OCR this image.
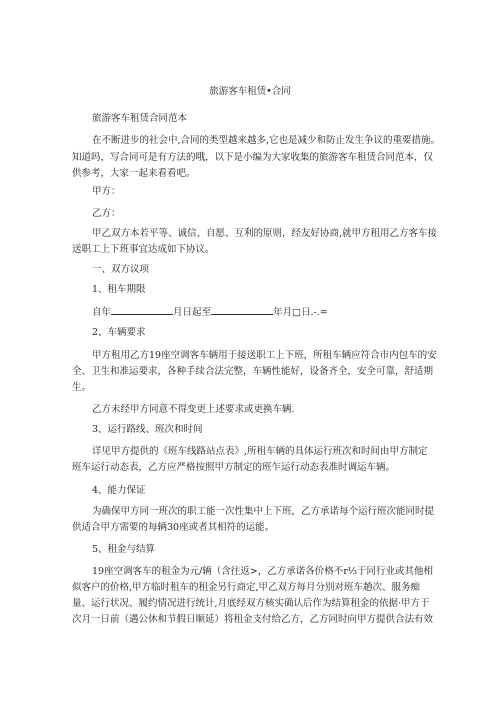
旅游客车租赁•合同
旅游客车租赁合同范本
在不断进步的社会中,合同的类型越来越多,它也是减少和防止发生争议的重要措施。
知道吗，写合同可是有方法的哦，以下是小编为大家收集的旅游客车租赁合同范本，仅
供参考，大家一起来看看吧。
甲方：
乙方：
甲乙双方本若平等、诚信、自愿、互利的原则，经友好协商,就甲方租用乙方客车接
送职工上下班事宜达成如下协议。
一、双方议项
1、租车期限
自年	月日起至	年月□日.-.=
2、车辆要求
甲方租用乙方19座空调客车辆用于接送职工上下班，所租车辆应符合市内包车的安
全、卫生和准运要求，各种手续合法完整，车辆性能好，设备齐全，安全可靠，舒适期
生。
乙方未经甲方同意不得变更上述要求或更换车辆.
3、运行路线、班次和时间
详见甲方提供的《班车线路站点表》,所租车辆的具体运行班次和时间由甲方制定
班车运行动态表，乙方应严格按照甲方制定的班乍运行动态表准时调运车辆。
4、能力保证
为确保甲方同一班次的职工能一次性集中上下班，乙方承诺每个运行班次能同时提
供适合甲方需要的每辆30座或者其相符的运能。
5、租金与结算
19座空调客车的租金为元/辆（含往返>，乙方承诺各价格不r⅓于同行业或其他相
似客户的价格,甲方临时租车的租金另行商定,甲乙双方每月分别对班车趟次、服务痴
量、运行状况、履约情况进行统计,月底经双方核实确认后作为结算租金的依据·甲方于
次月一日前（遇公休和节假日顺延）将租金支付给乙方，乙方同时向甲方提供合法有效
